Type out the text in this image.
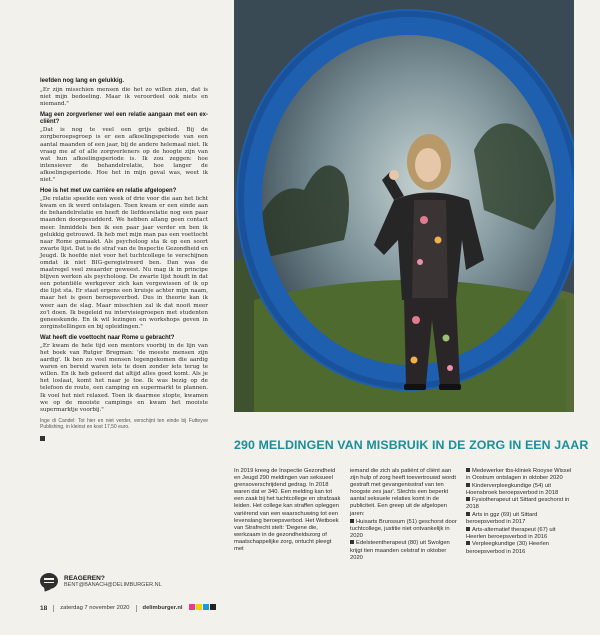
leefden nog lang en gelukkig.

„Er zijn misschien mensen die het zo willen zien, dat is niet mijn bedoeling. Maar ik veroordeel ook niets en niemand."

Mag een zorgverlener wel een relatie aangaan met een ex-cliënt?

„Dat is nog te veel een grijs gebied. Bij de zorgberoepsgroep is er een afkoelingsperiode van een aantal maanden of een jaar, bij de andere helemaal niet. Ik vraag me af of alle zorgverleners op de hoogte zijn van wat hun afkoelingsperiode is. Ik zou zeggen: hoe intensiever de behandelrelatie, hoe langer de afkoelingsperiode. Hoe het in mijn geval was, weet ik niet."

Hoe is het met uw carrière en relatie afgelopen?

„De relatie speelde een week of drie voor die aan het licht kwam en ik werd ontslagen. Toen kwam er een einde aan de behandelrelatie en heeft de liefdesrelatie nog een paar maanden doorgesudderd. We hebben allang geen contact meer. Inmiddels ben ik een paar jaar verder en ben ik gelukkig getrouwd. Ik heb met mijn man pas een voettocht naar Rome gemaakt. Als psycholoog sta ik op een soort zwarte lijst. Dat is de straf van de Inspectie Gezondheid en Jeugd. Ik hoefde niet voor het tuchtcollege te verschijnen omdat ik niet BIG-geregistreerd ben. Dan was de maatregel veel zwaarder geweest. Nu mag ik in principe blijven werken als psycholoog. De zwarte lijst houdt in dat een potentiële werkgever zich kan vergewissen of ik op die lijst sta. Er staat ergens een kruisje achter mijn naam, maar het is geen beroepsverbod. Dus in theorie kan ik weer aan de slag. Maar misschien zal ik dat nooit meer zo'l doen. Ik begeleid nu intervisiegroepen met studenten geneeskunde. En ik wil lezingen en workshops geven in zorginstellingen en bij opleidingen."

Wat heeft die voettocht naar Rome u gebracht?

„Er kwam de hele tijd een mentors voorbij in de lijn van het boek van Rutger Bregman: 'de meeste mensen zijn aardig'. Ik ben zo veel mensen tegengekomen die aardig waren en bereid waren iets te doen zonder iets terug te willen. En ik heb geleerd dat altijd alles goed komt. Als je het loslaat, komt het naar je toe. Ik was bezig op de telefoon de route, een camping en supermarkt te plannen. Ik voel het niet relaxed. Toen ik daarmee stopte, kwamen we op de mooiste campings en kwam het mooiste supermarktje voorbij."

Inge di Candel: Tot hier en niet verder, verschijnt ten einde bij Futteyve Publishing, in kleinst en kost 17,50 euro.

REAGEREN?
BENT@BANACH@DELIMBURGER.NL
290 MELDINGEN VAN MISBRUIK IN DE ZORG IN EEN JAAR

In 2019 kreeg de Inspectie Gezondheid en Jeugd 290 meldingen van seksueel grensoverschrijdend gedrag. In 2018 waren dat er 340. Een melding kan tot een zaak bij het tuchtcollege en strafzaak leiden. Het college kan straffen opleggen variërend van een waarschuwing tot een levenslang beroepsverbod. Het Wetboek van Strafrecht stelt: 'Degene die, werkzaam in de gezondheidszorg of maatschappelijke zorg, ontucht pleegt met

iemand die zich als patiënt of cliënt aan zijn hulp of zorg heeft toevertrouwd wordt gestraft met gevangenisstraf van ten hoogste zes jaar'. Slechts een beperkt aantal seksuele relaties komt in de publiciteit. Een greep uit de afgelopen jaren:

Huisarts Brunssum (51) geschorst door tuchtcollege, justitie niet ontvankelijk in 2020
Edelsteentherapeut (80) uit Swolgen krijgt tien maanden celstraf in oktober 2020
Medewerker tbs-kliniek Rooyse Wissel in Oostrum ontslagen in oktober 2020
Kinderverpleegkundige (54) uit Hoensbroek beroepsverbod in 2018
Fysiotherapeut uit Sittard geschorst in 2018
Arts in ggz (69) uit Sittard beroepsverbod in 2017
Arts-alternatief therapeut (67) uit Heerlen beroepsverbod in 2016
Verpleegkundige (30) Heerlen beroepsverbod in 2016
18 zaterdag 7 november 2020 delimburger.nl
